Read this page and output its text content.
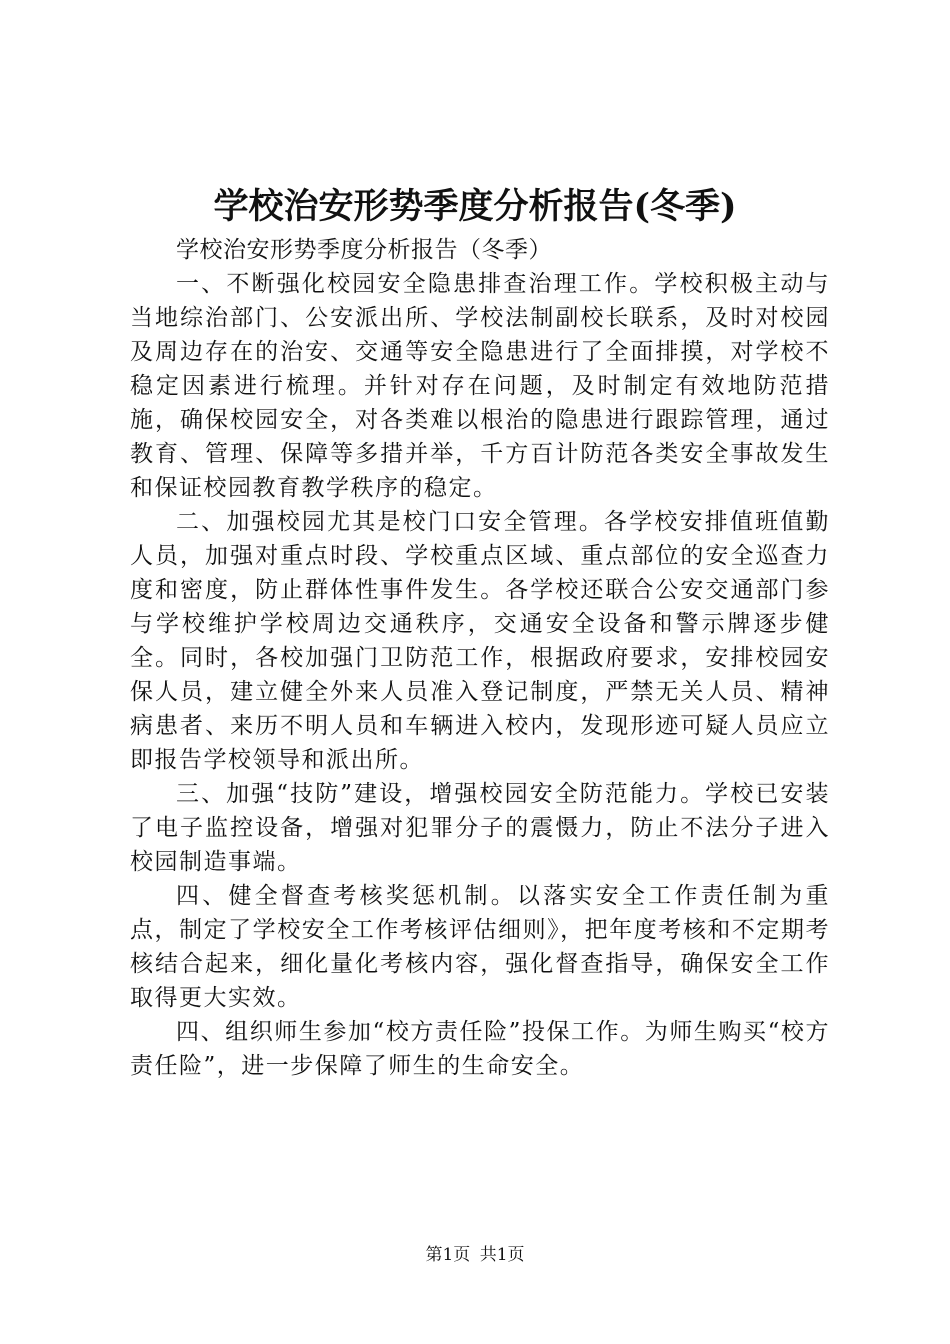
学校治安形势季度分析报告(冬季)

学校治安形势季度分析报告（冬季）

一、不断强化校园安全隐患排查治理工作。学校积极主动与当地综治部门、公安派出所、学校法制副校长联系，及时对校园及周边存在的治安、交通等安全隐患进行了全面排摸，对学校不稳定因素进行梳理。并针对存在问题，及时制定有效地防范措施，确保校园安全，对各类难以根治的隐患进行跟踪管理，通过教育、管理、保障等多措并举，千方百计防范各类安全事故发生和保证校园教育教学秩序的稳定。

二、加强校园尤其是校门口安全管理。各学校安排值班值勤人员，加强对重点时段、学校重点区域、重点部位的安全巡查力度和密度，防止群体性事件发生。各学校还联合公安交通部门参与学校维护学校周边交通秩序，交通安全设备和警示牌逐步健全。同时，各校加强门卫防范工作，根据政府要求，安排校园安保人员，建立健全外来人员准入登记制度，严禁无关人员、精神病患者、来历不明人员和车辆进入校内，发现形迹可疑人员应立即报告学校领导和派出所。

三、加强“技防”建设，增强校园安全防范能力。学校已安装了电子监控设备，增强对犯罪分子的震慑力，防止不法分子进入校园制造事端。

四、健全督查考核奖惩机制。以落实安全工作责任制为重点，制定了学校安全工作考核评估细则》，把年度考核和不定期考核结合起来，细化量化考核内容，强化督查指导，确保安全工作取得更大实效。

四、组织师生参加“校方责任险”投保工作。为师生购买“校方责任险”，进一步保障了师生的生命安全。

第1页 共1页
